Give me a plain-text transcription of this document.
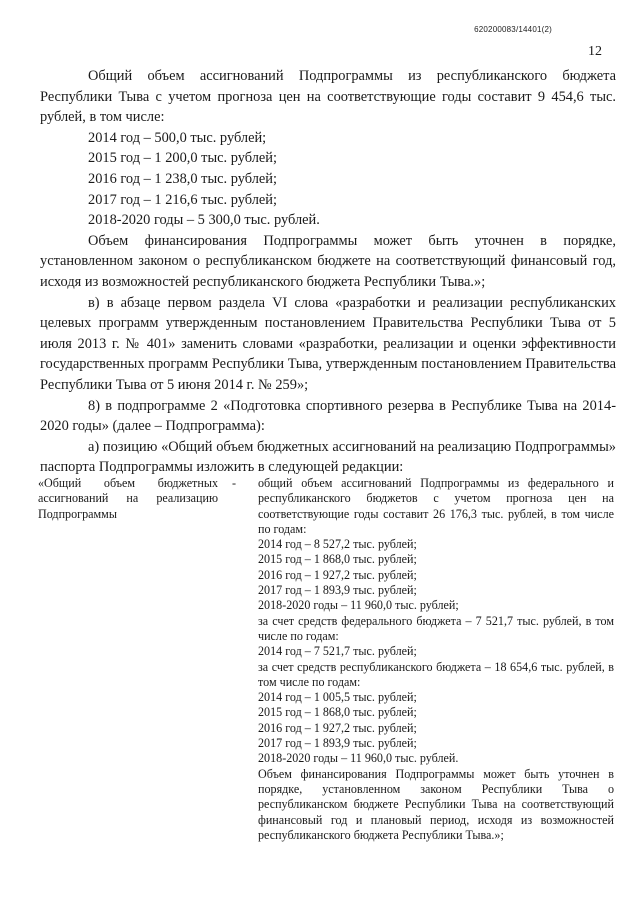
620200083/14401(2)
12

Общий объем ассигнований Подпрограммы из республиканского бюджета Республики Тыва с учетом прогноза цен на соответствующие годы составит 9 454,6 тыс. рублей, в том числе:

2014 год – 500,0 тыс. рублей;

2015 год – 1 200,0 тыс. рублей;

2016 год – 1 238,0 тыс. рублей;

2017 год – 1 216,6 тыс. рублей;

2018-2020 годы – 5 300,0 тыс. рублей.

Объем финансирования Подпрограммы может быть уточнен в порядке, установленном законом о республиканском бюджете на соответствующий финансовый год, исходя из возможностей республиканского бюджета Республики Тыва.»;

в) в абзаце первом раздела VI слова «разработки и реализации республиканских целевых программ утвержденным постановлением Правительства Республики Тыва от 5 июля 2013 г. № 401» заменить словами «разработки, реализации и оценки эффективности государственных программ Республики Тыва, утвержденным постановлением Правительства Республики Тыва от 5 июня 2014 г. № 259»;

8) в подпрограмме 2 «Подготовка спортивного резерва в Республике Тыва на 2014-2020 годы» (далее – Подпрограмма):

а) позицию «Общий объем бюджетных ассигнований на реализацию Подпрограммы» паспорта Подпрограммы изложить в следующей редакции:

«Общий объем бюджетных ассигнований на реализацию Подпрограммы
- общий объем ассигнований Подпрограммы из федерального и республиканского бюджетов с учетом прогноза цен на соответствующие годы составит 26 176,3 тыс. рублей, в том числе по годам:

2014 год – 8 527,2 тыс. рублей;

2015 год – 1 868,0 тыс. рублей;

2016 год – 1 927,2 тыс. рублей;

2017 год – 1 893,9 тыс. рублей;

2018-2020 годы – 11 960,0 тыс. рублей;

за счет средств федерального бюджета – 7 521,7 тыс. рублей, в том числе по годам:

2014 год – 7 521,7 тыс. рублей;

за счет средств республиканского бюджета – 18 654,6 тыс. рублей, в том числе по годам:

2014 год – 1 005,5 тыс. рублей;

2015 год – 1 868,0 тыс. рублей;

2016 год – 1 927,2 тыс. рублей;

2017 год – 1 893,9 тыс. рублей;

2018-2020 годы – 11 960,0 тыс. рублей.

Объем финансирования Подпрограммы может быть уточнен в порядке, установленном законом Республики Тыва о республиканском бюджете Республики Тыва на соответствующий финансовый год и плановый период, исходя из возможностей республиканского бюджета Республики Тыва.»;
